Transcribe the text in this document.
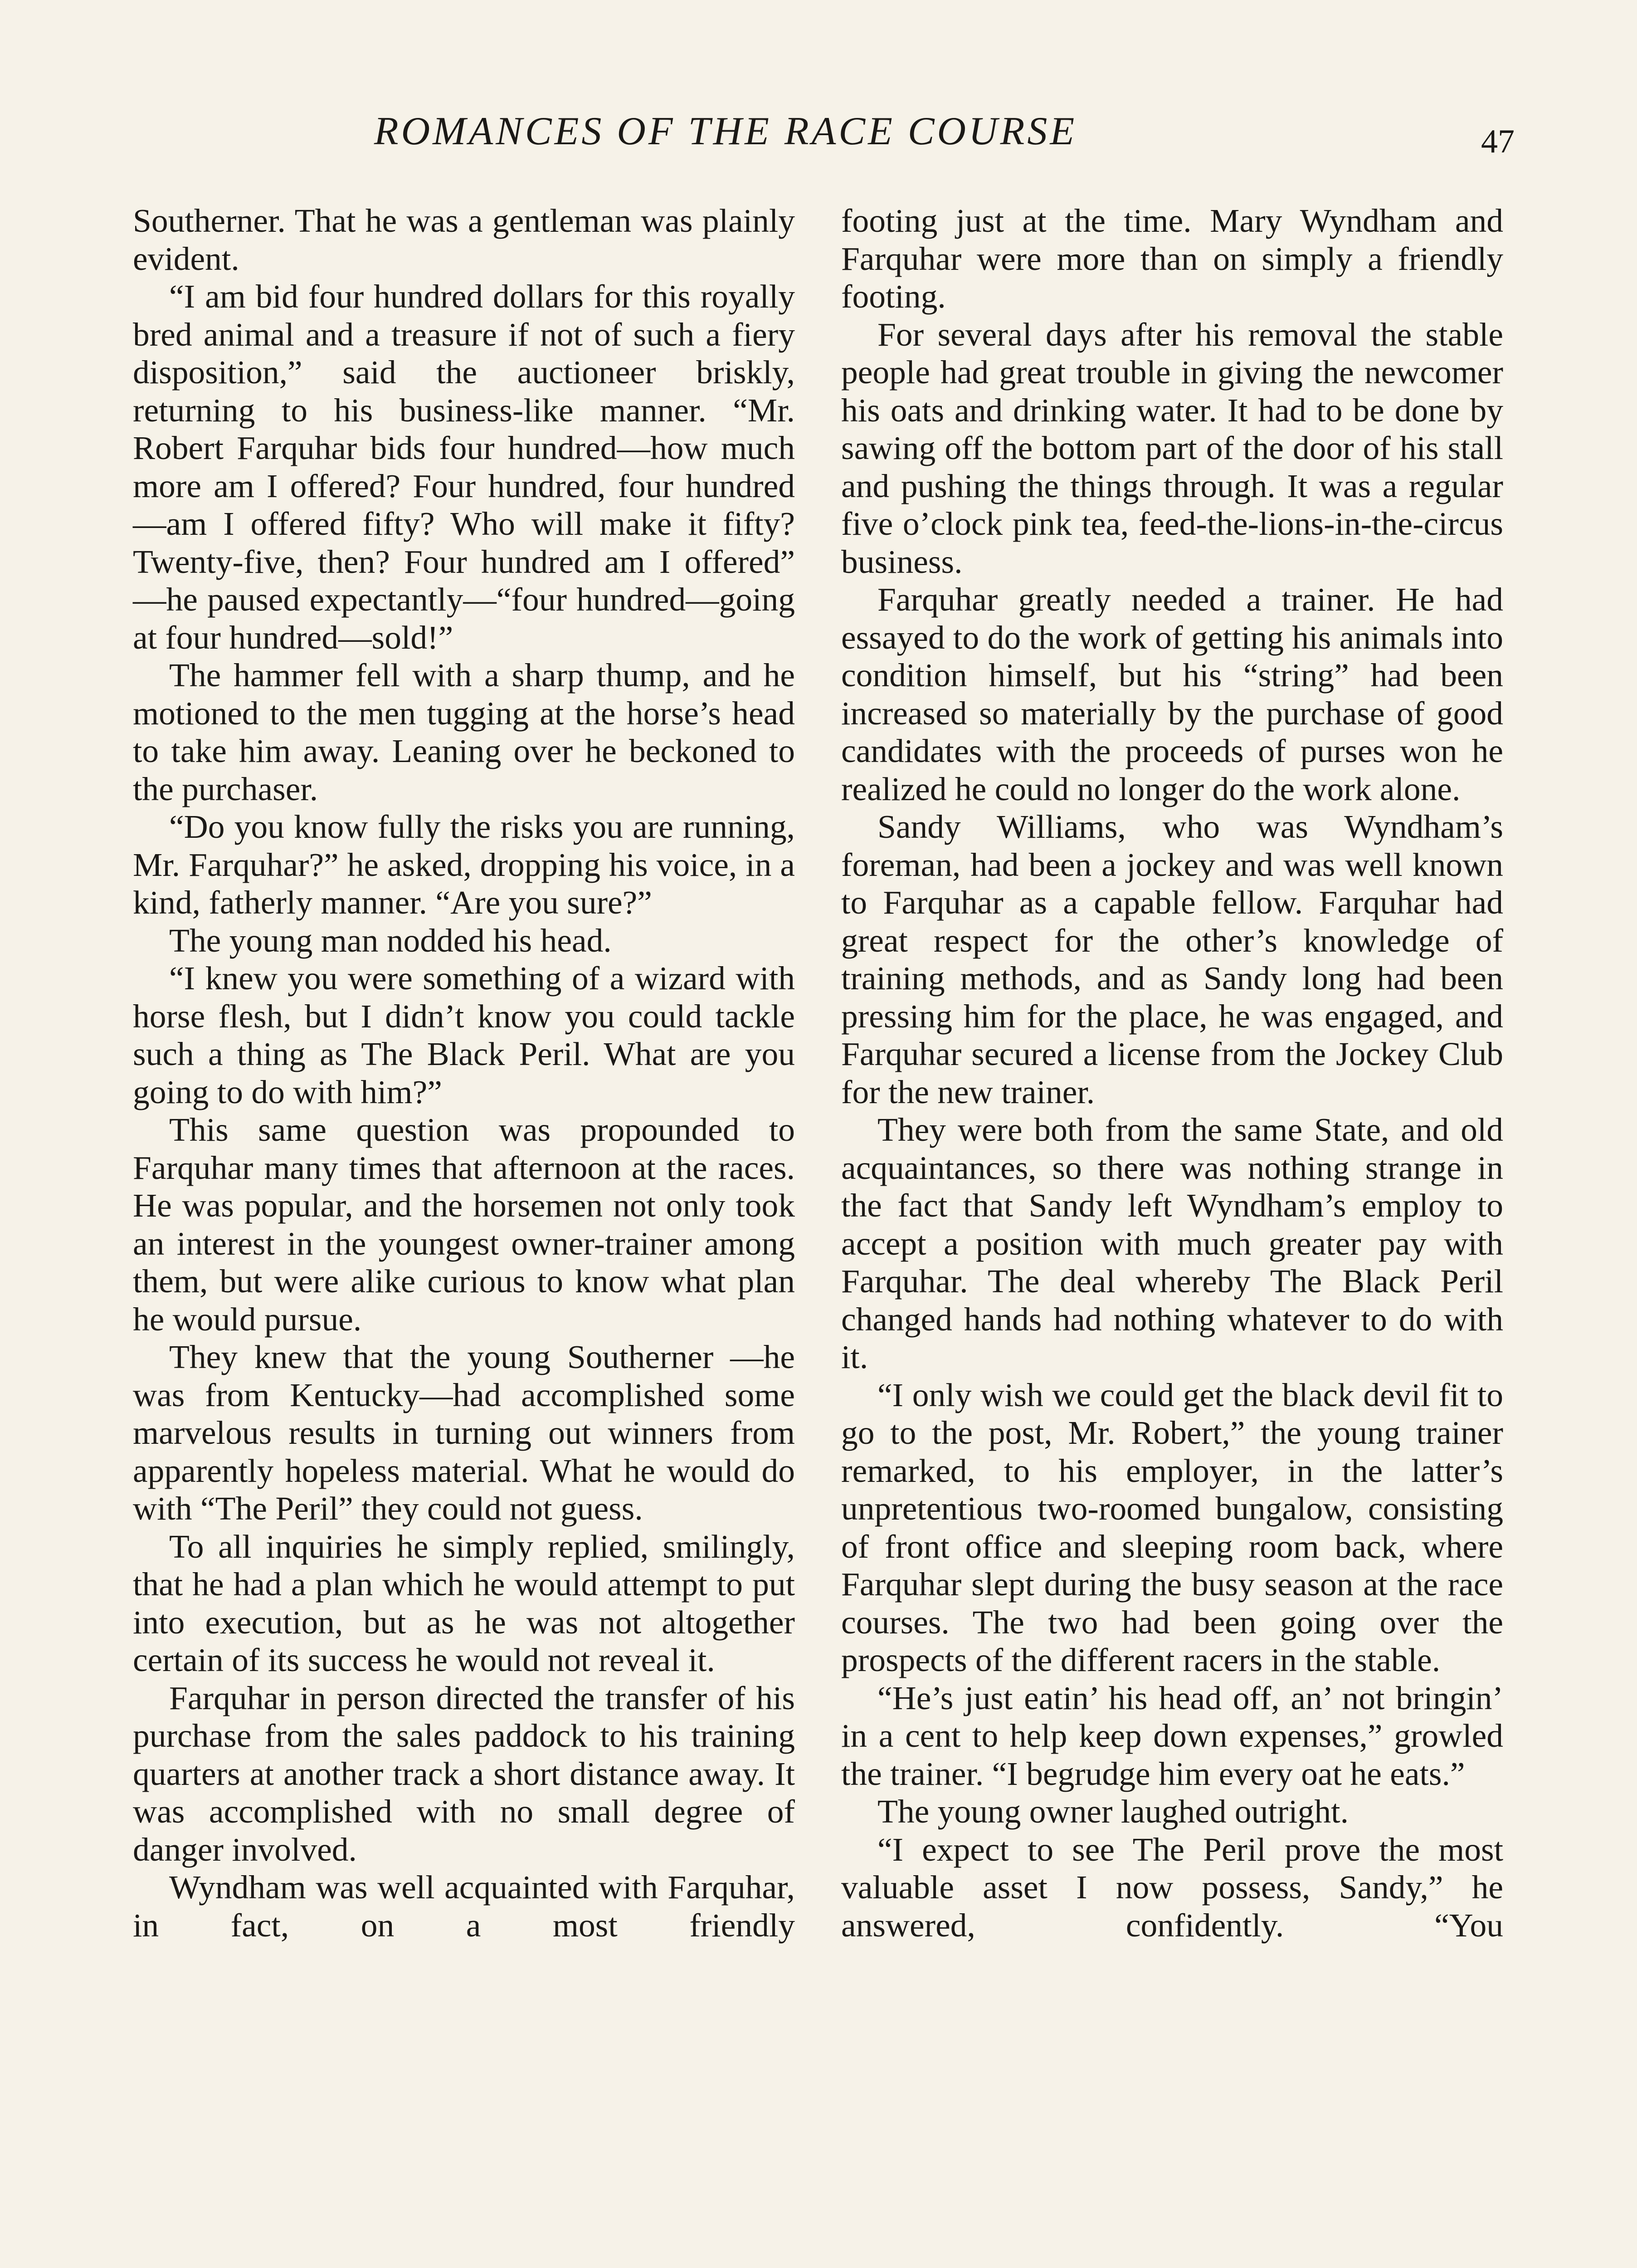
ROMANCES OF THE RACE COURSE	47

Southerner. That he was a gentleman was plainly evident.

“I am bid four hundred dollars for this royally bred animal and a treasure if not of such a fiery disposition,” said the auctioneer briskly, returning to his business-like manner. “Mr. Robert Farquhar bids four hundred—how much more am I offered? Four hundred, four hundred—am I offered fifty? Who will make it fifty? Twenty-five, then? Four hundred am I offered” —he paused expectantly—“four hundred—going at four hundred—sold!”

The hammer fell with a sharp thump, and he motioned to the men tugging at the horse’s head to take him away. Leaning over he beckoned to the purchaser.

“Do you know fully the risks you are running, Mr. Farquhar?” he asked, dropping his voice, in a kind, fatherly manner. “Are you sure?”

The young man nodded his head.

“I knew you were something of a wizard with horse flesh, but I didn’t know you could tackle such a thing as The Black Peril. What are you going to do with him?”

This same question was propounded to Farquhar many times that afternoon at the races. He was popular, and the horsemen not only took an interest in the youngest owner-trainer among them, but were alike curious to know what plan he would pursue.

They knew that the young Southerner —he was from Kentucky—had accomplished some marvelous results in turning out winners from apparently hopeless material. What he would do with “The Peril” they could not guess.

To all inquiries he simply replied, smilingly, that he had a plan which he would attempt to put into execution, but as he was not altogether certain of its success he would not reveal it.

Farquhar in person directed the transfer of his purchase from the sales paddock to his training quarters at another track a short distance away. It was accomplished with no small degree of danger involved.

Wyndham was well acquainted with Farquhar, in fact, on a most friendly

footing just at the time. Mary Wyndham and Farquhar were more than on simply a friendly footing.

For several days after his removal the stable people had great trouble in giving the newcomer his oats and drinking water. It had to be done by sawing off the bottom part of the door of his stall and pushing the things through. It was a regular five o’clock pink tea, feed-the-lions-in-the-circus business.

Farquhar greatly needed a trainer. He had essayed to do the work of getting his animals into condition himself, but his “string” had been increased so materially by the purchase of good candidates with the proceeds of purses won he realized he could no longer do the work alone.

Sandy Williams, who was Wyndham’s foreman, had been a jockey and was well known to Farquhar as a capable fellow. Farquhar had great respect for the other’s knowledge of training methods, and as Sandy long had been pressing him for the place, he was engaged, and Farquhar secured a license from the Jockey Club for the new trainer.

They were both from the same State, and old acquaintances, so there was nothing strange in the fact that Sandy left Wyndham’s employ to accept a position with much greater pay with Farquhar. The deal whereby The Black Peril changed hands had nothing whatever to do with it.

“I only wish we could get the black devil fit to go to the post, Mr. Robert,” the young trainer remarked, to his employer, in the latter’s unpretentious two-roomed bungalow, consisting of front office and sleeping room back, where Farquhar slept during the busy season at the race courses. The two had been going over the prospects of the different racers in the stable.

“He’s just eatin’ his head off, an’ not bringin’ in a cent to help keep down expenses,” growled the trainer. “I begrudge him every oat he eats.”

The young owner laughed outright.

“I expect to see The Peril prove the most valuable asset I now possess, Sandy,” he answered, confidently. “You
